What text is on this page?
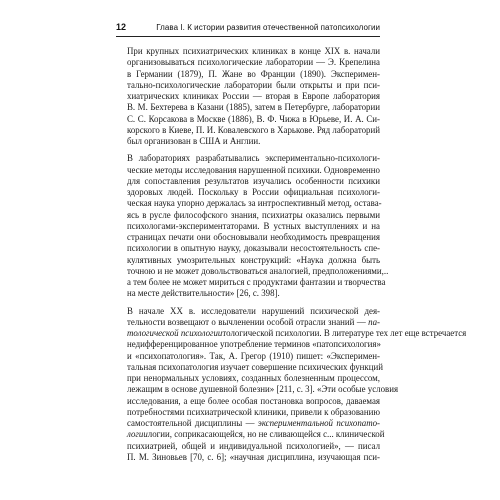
12	Глава I. К истории развития отечественной патопсихологии

При крупных психиатрических клиниках в конце XIX в. начали
организовываться психологические лаборатории — Э. Крепелина
в Германии (1879), П. Жане во Франции (1890). Эксперимен-
тально-психологические лаборатории были открыты и при пси-
хиатрических клиниках России — вторая в Европе лаборатория
В. М. Бехтерева в Казани (1885), затем в Петербурге, лаборатории
С. С. Корсакова в Москве (1886), В. Ф. Чижа в Юрьеве, И. А. Си-
корского в Киеве, П. И. Ковалевского в Харькове. Ряд лабораторий
был организован в США и Англии.

В лабораториях разрабатывались экспериментально-психологи-
ческие методы исследования нарушенной психики. Одновременно
для сопоставления результатов изучались особенности психики
здоровых людей. Поскольку в России официальная психологи-
ческая наука упорно держалась за интроспективный метод, остава-
ясь в русле философского знания, психиатры оказались первыми
психологами-экспериментаторами. В устных выступлениях и на
страницах печати они обосновывали необходимость превращения
психологии в опытную науку, доказывали несостоятельность спе-
кулятивных умозрительных конструкций: «Наука должна быть
точною и не может довольствоваться аналогией, предположениями,..
а тем более не может мириться с продуктами фантазии и творчества
на месте действительности» [26, с. 398].

В начале XX в. исследователи нарушений психической дея-
тельности возвещают о вычленении особой отрасли знаний — па-
тологической психологиитологической психологии. В литературе тех лет еще встречается
недифференцированное употребление терминов «патопсихология»
и «психопатология». Так, А. Грегор (1910) пишет: «Эксперимен-
тальная психопатология изучает совершение психических функций
при ненормальных условиях, созданных болезненным процессом,
лежащим в основе душевной болезни» [211, с. 3]. «Эти особые условия
исследования, а еще более особая постановка вопросов, даваемая
потребностями психиатрической клиники, привели к образованию
самостоятельной дисциплины — экспериментальной психопато-
логиилогии, соприкасающейся, но не сливающейся с... клинической
психиатрией, общей и индивидуальной психологией», — писал
П. М. Зиновьев [70, с. 6]; «научная дисциплина, изучающая пси-
